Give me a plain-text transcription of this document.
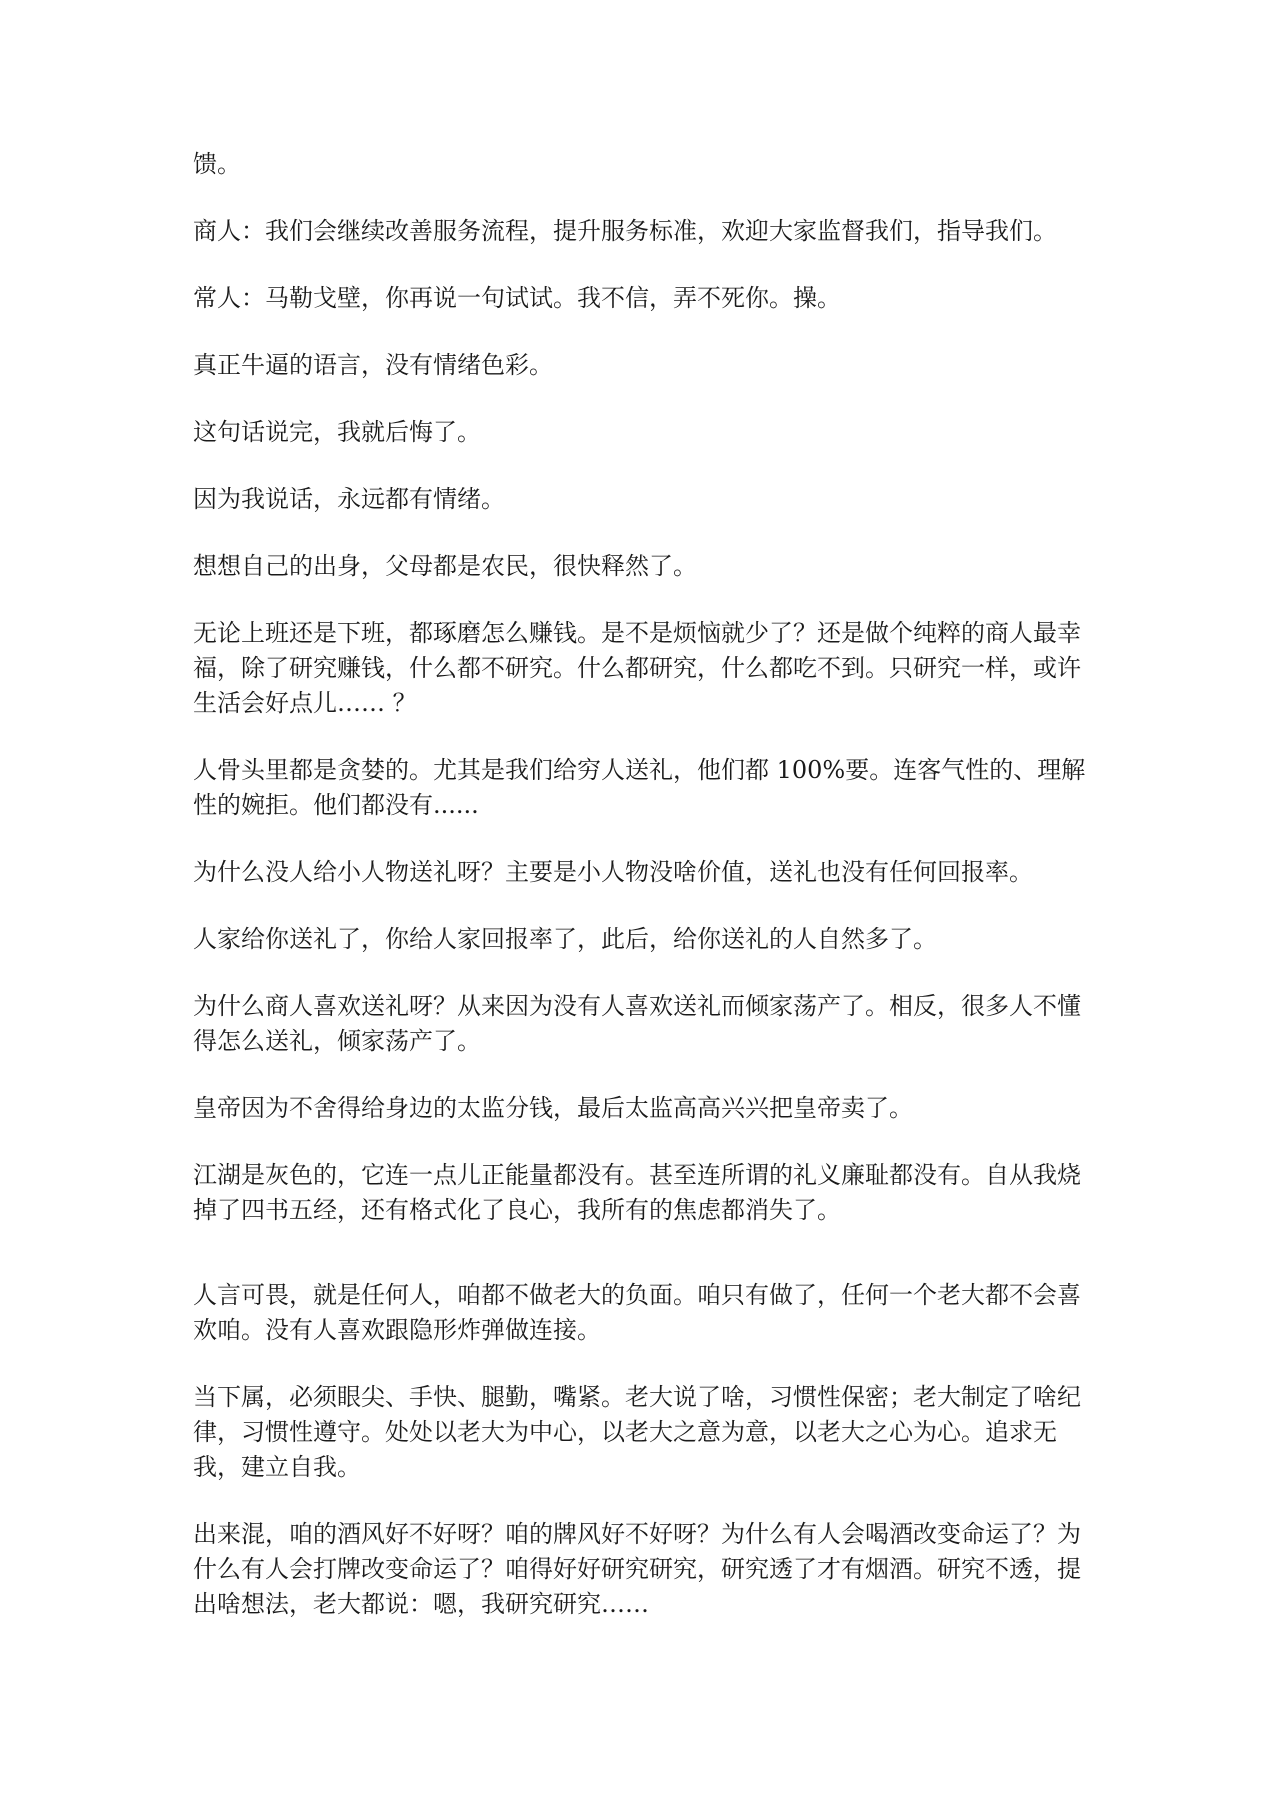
馈。

商人：我们会继续改善服务流程，提升服务标准，欢迎大家监督我们，指导我们。

常人：马勒戈壁，你再说一句试试。我不信，弄不死你。操。

真正牛逼的语言，没有情绪色彩。

这句话说完，我就后悔了。

因为我说话，永远都有情绪。

想想自己的出身，父母都是农民，很快释然了。

无论上班还是下班，都琢磨怎么赚钱。是不是烦恼就少了？还是做个纯粹的商人最幸福，除了研究赚钱，什么都不研究。什么都研究，什么都吃不到。只研究一样，或许生活会好点儿…… ？

人骨头里都是贪婪的。尤其是我们给穷人送礼，他们都 100%要。连客气性的、理解性的婉拒。他们都没有......

为什么没人给小人物送礼呀？主要是小人物没啥价值，送礼也没有任何回报率。

人家给你送礼了，你给人家回报率了，此后，给你送礼的人自然多了。

为什么商人喜欢送礼呀？从来因为没有人喜欢送礼而倾家荡产了。相反，很多人不懂得怎么送礼，倾家荡产了。

皇帝因为不舍得给身边的太监分钱，最后太监高高兴兴把皇帝卖了。

江湖是灰色的，它连一点儿正能量都没有。甚至连所谓的礼义廉耻都没有。自从我烧掉了四书五经，还有格式化了良心，我所有的焦虑都消失了。

人言可畏，就是任何人，咱都不做老大的负面。咱只有做了，任何一个老大都不会喜欢咱。没有人喜欢跟隐形炸弹做连接。

当下属，必须眼尖、手快、腿勤，嘴紧。老大说了啥，习惯性保密；老大制定了啥纪律，习惯性遵守。处处以老大为中心，以老大之意为意，以老大之心为心。追求无我，建立自我。

出来混，咱的酒风好不好呀？咱的牌风好不好呀？为什么有人会喝酒改变命运了？为什么有人会打牌改变命运了？咱得好好研究研究，研究透了才有烟酒。研究不透，提出啥想法，老大都说：嗯，我研究研究……
